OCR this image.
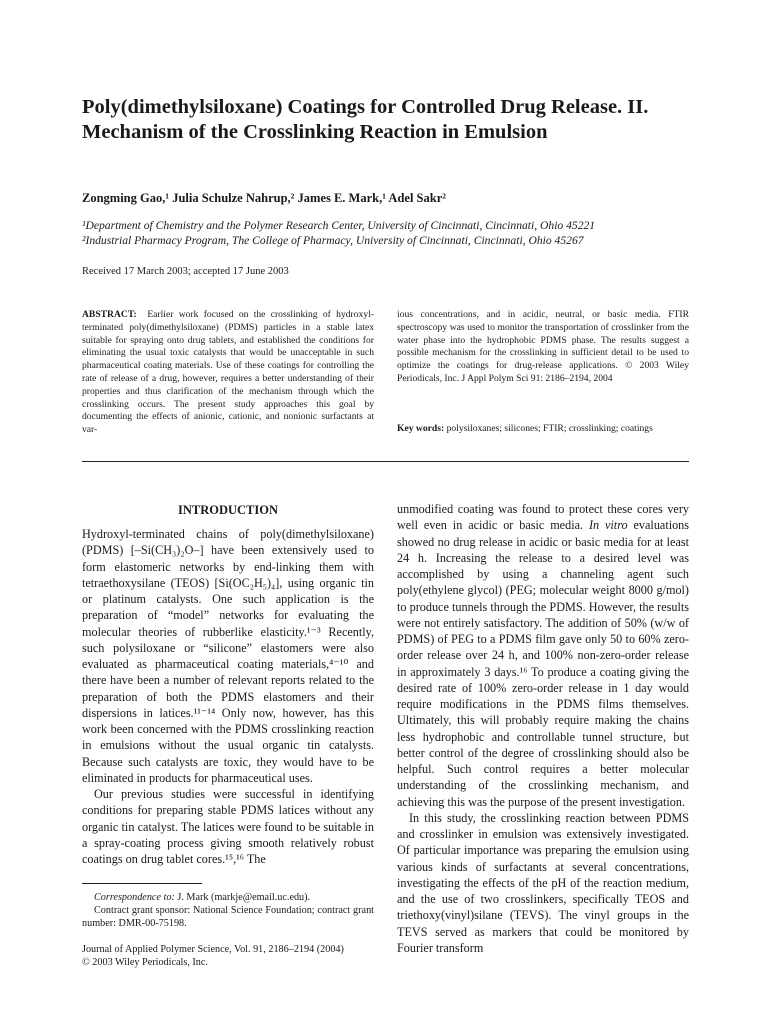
Poly(dimethylsiloxane) Coatings for Controlled Drug Release. II. Mechanism of the Crosslinking Reaction in Emulsion

Zongming Gao,¹ Julia Schulze Nahrup,² James E. Mark,¹ Adel Sakr²

¹Department of Chemistry and the Polymer Research Center, University of Cincinnati, Cincinnati, Ohio 45221
²Industrial Pharmacy Program, The College of Pharmacy, University of Cincinnati, Cincinnati, Ohio 45267

Received 17 March 2003; accepted 17 June 2003

ABSTRACT: Earlier work focused on the crosslinking of hydroxyl-terminated poly(dimethylsiloxane) (PDMS) particles in a stable latex suitable for spraying onto drug tablets, and established the conditions for eliminating the usual toxic catalysts that would be unacceptable in such pharmaceutical coating materials. Use of these coatings for controlling the rate of release of a drug, however, requires a better understanding of their properties and thus clarification of the mechanism through which the crosslinking occurs. The present study approaches this goal by documenting the effects of anionic, cationic, and nonionic surfactants at var-

ious concentrations, and in acidic, neutral, or basic media. FTIR spectroscopy was used to monitor the transportation of crosslinker from the water phase into the hydrophobic PDMS phase. The results suggest a possible mechanism for the crosslinking in sufficient detail to be used to optimize the coatings for drug-release applications. © 2003 Wiley Periodicals, Inc. J Appl Polym Sci 91: 2186–2194, 2004

Key words: polysiloxanes; silicones; FTIR; crosslinking; coatings

INTRODUCTION

Hydroxyl-terminated chains of poly(dimethylsiloxane) (PDMS) [–Si(CH₃)₂O–] have been extensively used to form elastomeric networks by end-linking them with tetraethoxysilane (TEOS) [Si(OC₂H₅)₄], using organic tin or platinum catalysts. One such application is the preparation of “model” networks for evaluating the molecular theories of rubberlike elasticity.¹⁻³ Recently, such polysiloxane or “silicone” elastomers were also evaluated as pharmaceutical coating materials,⁴⁻¹⁰ and there have been a number of relevant reports related to the preparation of both the PDMS elastomers and their dispersions in latices.¹¹⁻¹⁴ Only now, however, has this work been concerned with the PDMS crosslinking reaction in emulsions without the usual organic tin catalysts. Because such catalysts are toxic, they would have to be eliminated in products for pharmaceutical uses.

Our previous studies were successful in identifying conditions for preparing stable PDMS latices without any organic tin catalyst. The latices were found to be suitable in a spray-coating process giving smooth relatively robust coatings on drug tablet cores.¹⁵,¹⁶ The

unmodified coating was found to protect these cores very well even in acidic or basic media. In vitro evaluations showed no drug release in acidic or basic media for at least 24 h. Increasing the release to a desired level was accomplished by using a channeling agent such poly(ethylene glycol) (PEG; molecular weight 8000 g/mol) to produce tunnels through the PDMS. However, the results were not entirely satisfactory. The addition of 50% (w/w of PDMS) of PEG to a PDMS film gave only 50 to 60% zero-order release over 24 h, and 100% non-zero-order release in approximately 3 days.¹⁶ To produce a coating giving the desired rate of 100% zero-order release in 1 day would require modifications in the PDMS films themselves. Ultimately, this will probably require making the chains less hydrophobic and controllable tunnel structure, but better control of the degree of crosslinking should also be helpful. Such control requires a better molecular understanding of the crosslinking mechanism, and achieving this was the purpose of the present investigation.

In this study, the crosslinking reaction between PDMS and crosslinker in emulsion was extensively investigated. Of particular importance was preparing the emulsion using various kinds of surfactants at several concentrations, investigating the effects of the pH of the reaction medium, and the use of two crosslinkers, specifically TEOS and triethoxy(vinyl)silane (TEVS). The vinyl groups in the TEVS served as markers that could be monitored by Fourier transform

Correspondence to: J. Mark (markje@email.uc.edu).
Contract grant sponsor: National Science Foundation; contract grant number: DMR-00-75198.
Journal of Applied Polymer Science, Vol. 91, 2186–2194 (2004)
© 2003 Wiley Periodicals, Inc.
